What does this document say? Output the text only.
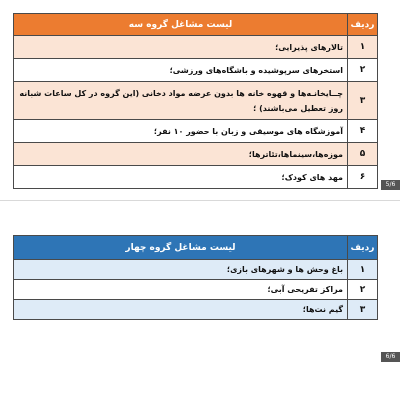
ردیف	لیست مشاغل گروه سه
۱	تالارهای پذیرایی؛
۲	استخرهای سرپوشیده و باشگاه‌های ورزشی؛
۳	چــایخانـه‌ها و قهوه خانه ها بدون عرضه مواد دخانی (این گروه در کل ساعات شبانه روز تعطیل می‌باشند) ؛
۴	آموزشگاه های موسیقی و زبان با حضور ۱۰ نفر؛
۵	موزه‌ها،سینماها،تئاترها؛
۶	مهد های کودک؛
5/6
ردیف	لیست مشاغل گروه چهار
۱	باغ وحش ها و شهرهای بازی؛
۲	مراکز تفریحی آبی؛
۳	گیم نت‌ها؛
6/6
